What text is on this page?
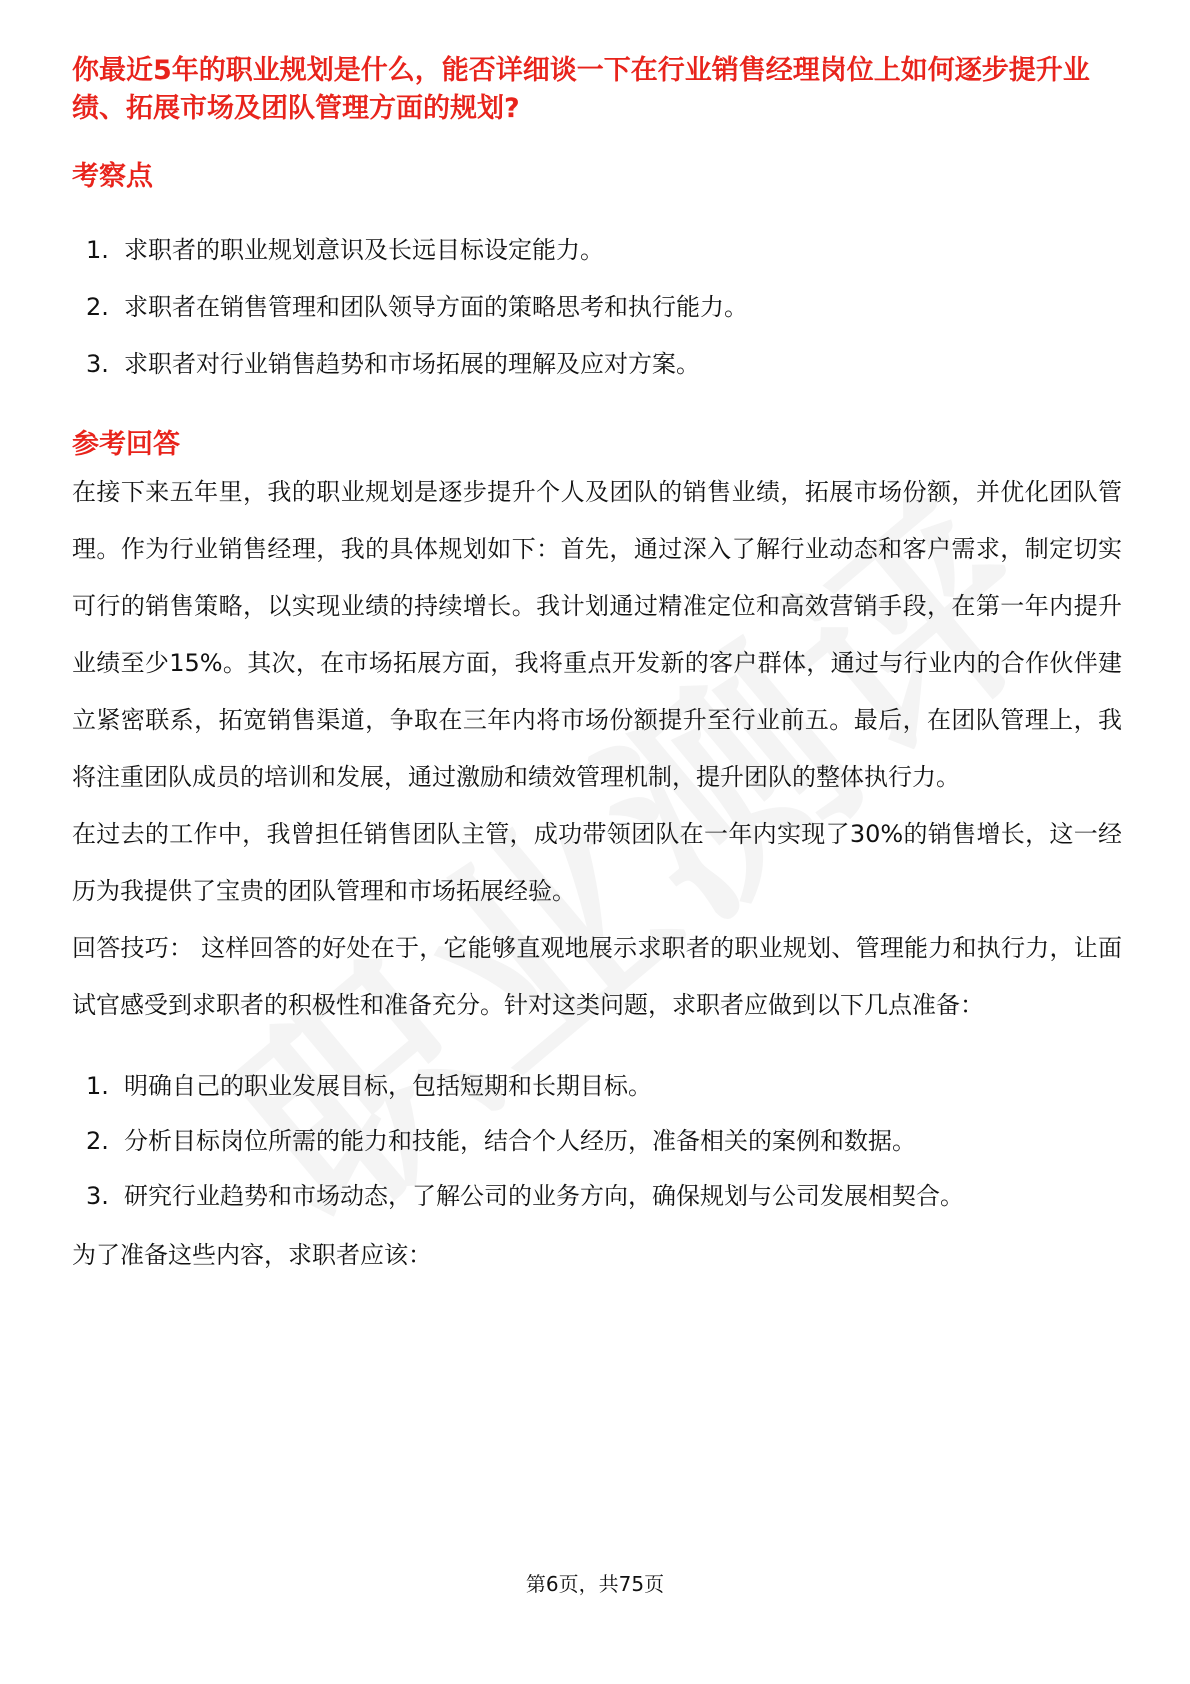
你最近5年的职业规划是什么，能否详细谈一下在行业销售经理岗位上如何逐步提升业绩、拓展市场及团队管理方面的规划?
考察点
1. 求职者的职业规划意识及长远目标设定能力。
2. 求职者在销售管理和团队领导方面的策略思考和执行能力。
3. 求职者对行业销售趋势和市场拓展的理解及应对方案。
参考回答

在接下来五年里，我的职业规划是逐步提升个人及团队的销售业绩，拓展市场份额，并优化团队管理。作为行业销售经理，我的具体规划如下：首先，通过深入了解行业动态和客户需求，制定切实可行的销售策略，以实现业绩的持续增长。我计划通过精准定位和高效营销手段，在第一年内提升业绩至少15%。其次，在市场拓展方面，我将重点开发新的客户群体，通过与行业内的合作伙伴建立紧密联系，拓宽销售渠道，争取在三年内将市场份额提升至行业前五。最后，在团队管理上，我将注重团队成员的培训和发展，通过激励和绩效管理机制，提升团队的整体执行力。

在过去的工作中，我曾担任销售团队主管，成功带领团队在一年内实现了30%的销售增长，这一经历为我提供了宝贵的团队管理和市场拓展经验。

回答技巧： 这样回答的好处在于，它能够直观地展示求职者的职业规划、管理能力和执行力，让面试官感受到求职者的积极性和准备充分。针对这类问题，求职者应做到以下几点准备：

1. 明确自己的职业发展目标，包括短期和长期目标。
2. 分析目标岗位所需的能力和技能，结合个人经历，准备相关的案例和数据。
3. 研究行业趋势和市场动态，了解公司的业务方向，确保规划与公司发展相契合。

为了准备这些内容，求职者应该：

第6页，共75页
